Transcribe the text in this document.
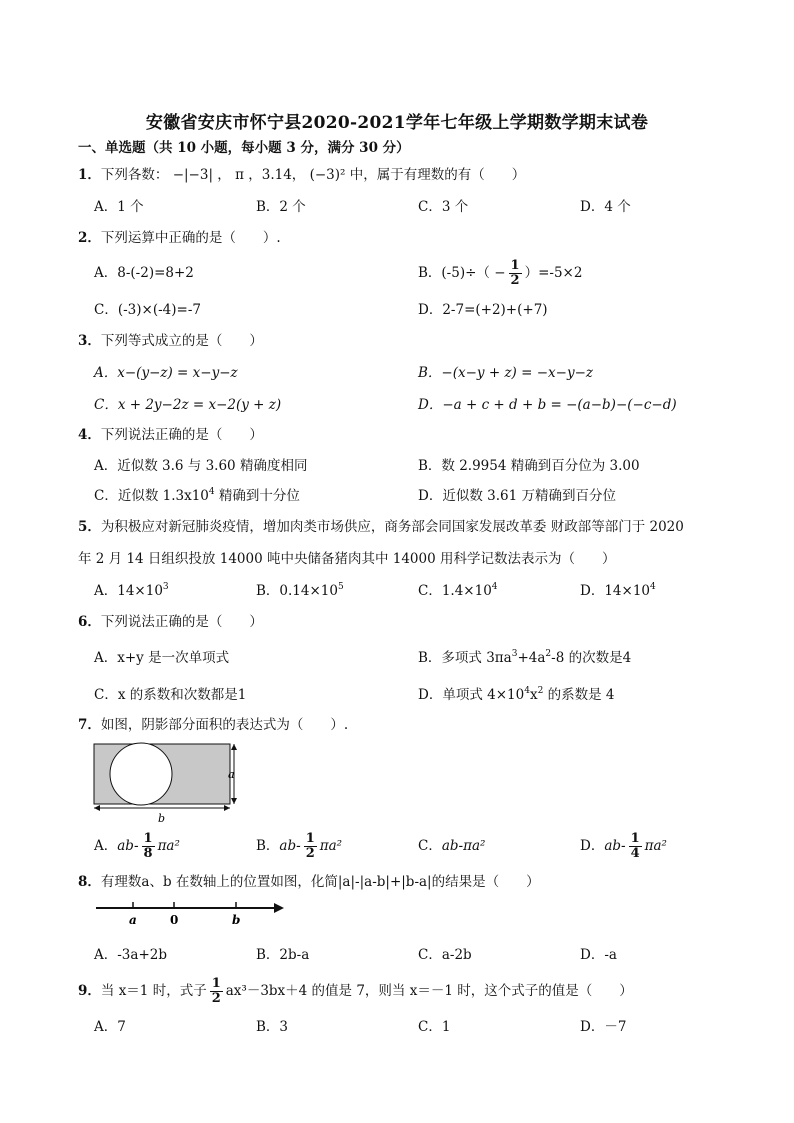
安徽省安庆市怀宁县2020-2021学年七年级上学期数学期末试卷
一、单选题（共 10 小题，每小题 3 分，满分 30 分）
1．下列各数： −|−3| ， π ，3.14， (−3)² 中，属于有理数的有（　　）
A．1 个	B．2 个	C．3 个	D．4 个
2．下列运算中正确的是（　　）.
A．8-(-2)=8+2	B．$(-5)\div( - \frac{1}{2} )=-5\times 2$
C．(-3)×(-4)=-7	D．2-7=(+2)+(+7)
3．下列等式成立的是（　　）
A．x−(y−z) = x−y−z	B．−(x−y + z) = −x−y−z
C．x + 2y−2z = x−2(y + z)	D．−a + c + d + b = −(a−b)−(−c−d)
4．下列说法正确的是（　　）
A．近似数 3.6 与 3.60 精确度相同	B．数 2.9954 精确到百分位为 3.00
C．近似数 $1.3x10^4$ 精确到十分位	D．近似数 3.61 万精确到百分位
5．为积极应对新冠肺炎疫情，增加肉类市场供应，商务部会同国家发展改革委 财政部等部门于 2020
年 2 月 14 日组织投放 14000 吨中央储备猪肉其中 14000 用科学记数法表示为（　　）
A．$14\times 10^3$	B．$0.14\times 10^5$	C．$1.4\times 10^4$	D．$14\times 10^4$
6．下列说法正确的是（　　）
A．x+y 是一次单项式	B．多项式 $3\pi a^3+4a^2-8$ 的次数是4
C．x 的系数和次数都是1	D．单项式 $4\times 10^4x^2$ 的系数是 4
7．如图，阴影部分面积的表达式为（　　）.
a
b
A．$ab- \frac{1}{8} \pi a^2$	B．$ab- \frac{1}{2} \pi a^2$	C．ab-πa²	D．$ab- \frac{1}{4} \pi a^2$
8．有理数a、b 在数轴上的位置如图，化简|a|-|a-b|+|b-a|的结果是（　　）
a	0	b
A．-3a+2b	B．2b-a	C．a-2b	D．-a
9．当 x＝1 时，式子 $\frac{1}{2} ax^3-3bx+4$ 的值是 7，则当 x＝－1 时，这个式子的值是（　　）
A．7	B．3	C．1	D．－7
